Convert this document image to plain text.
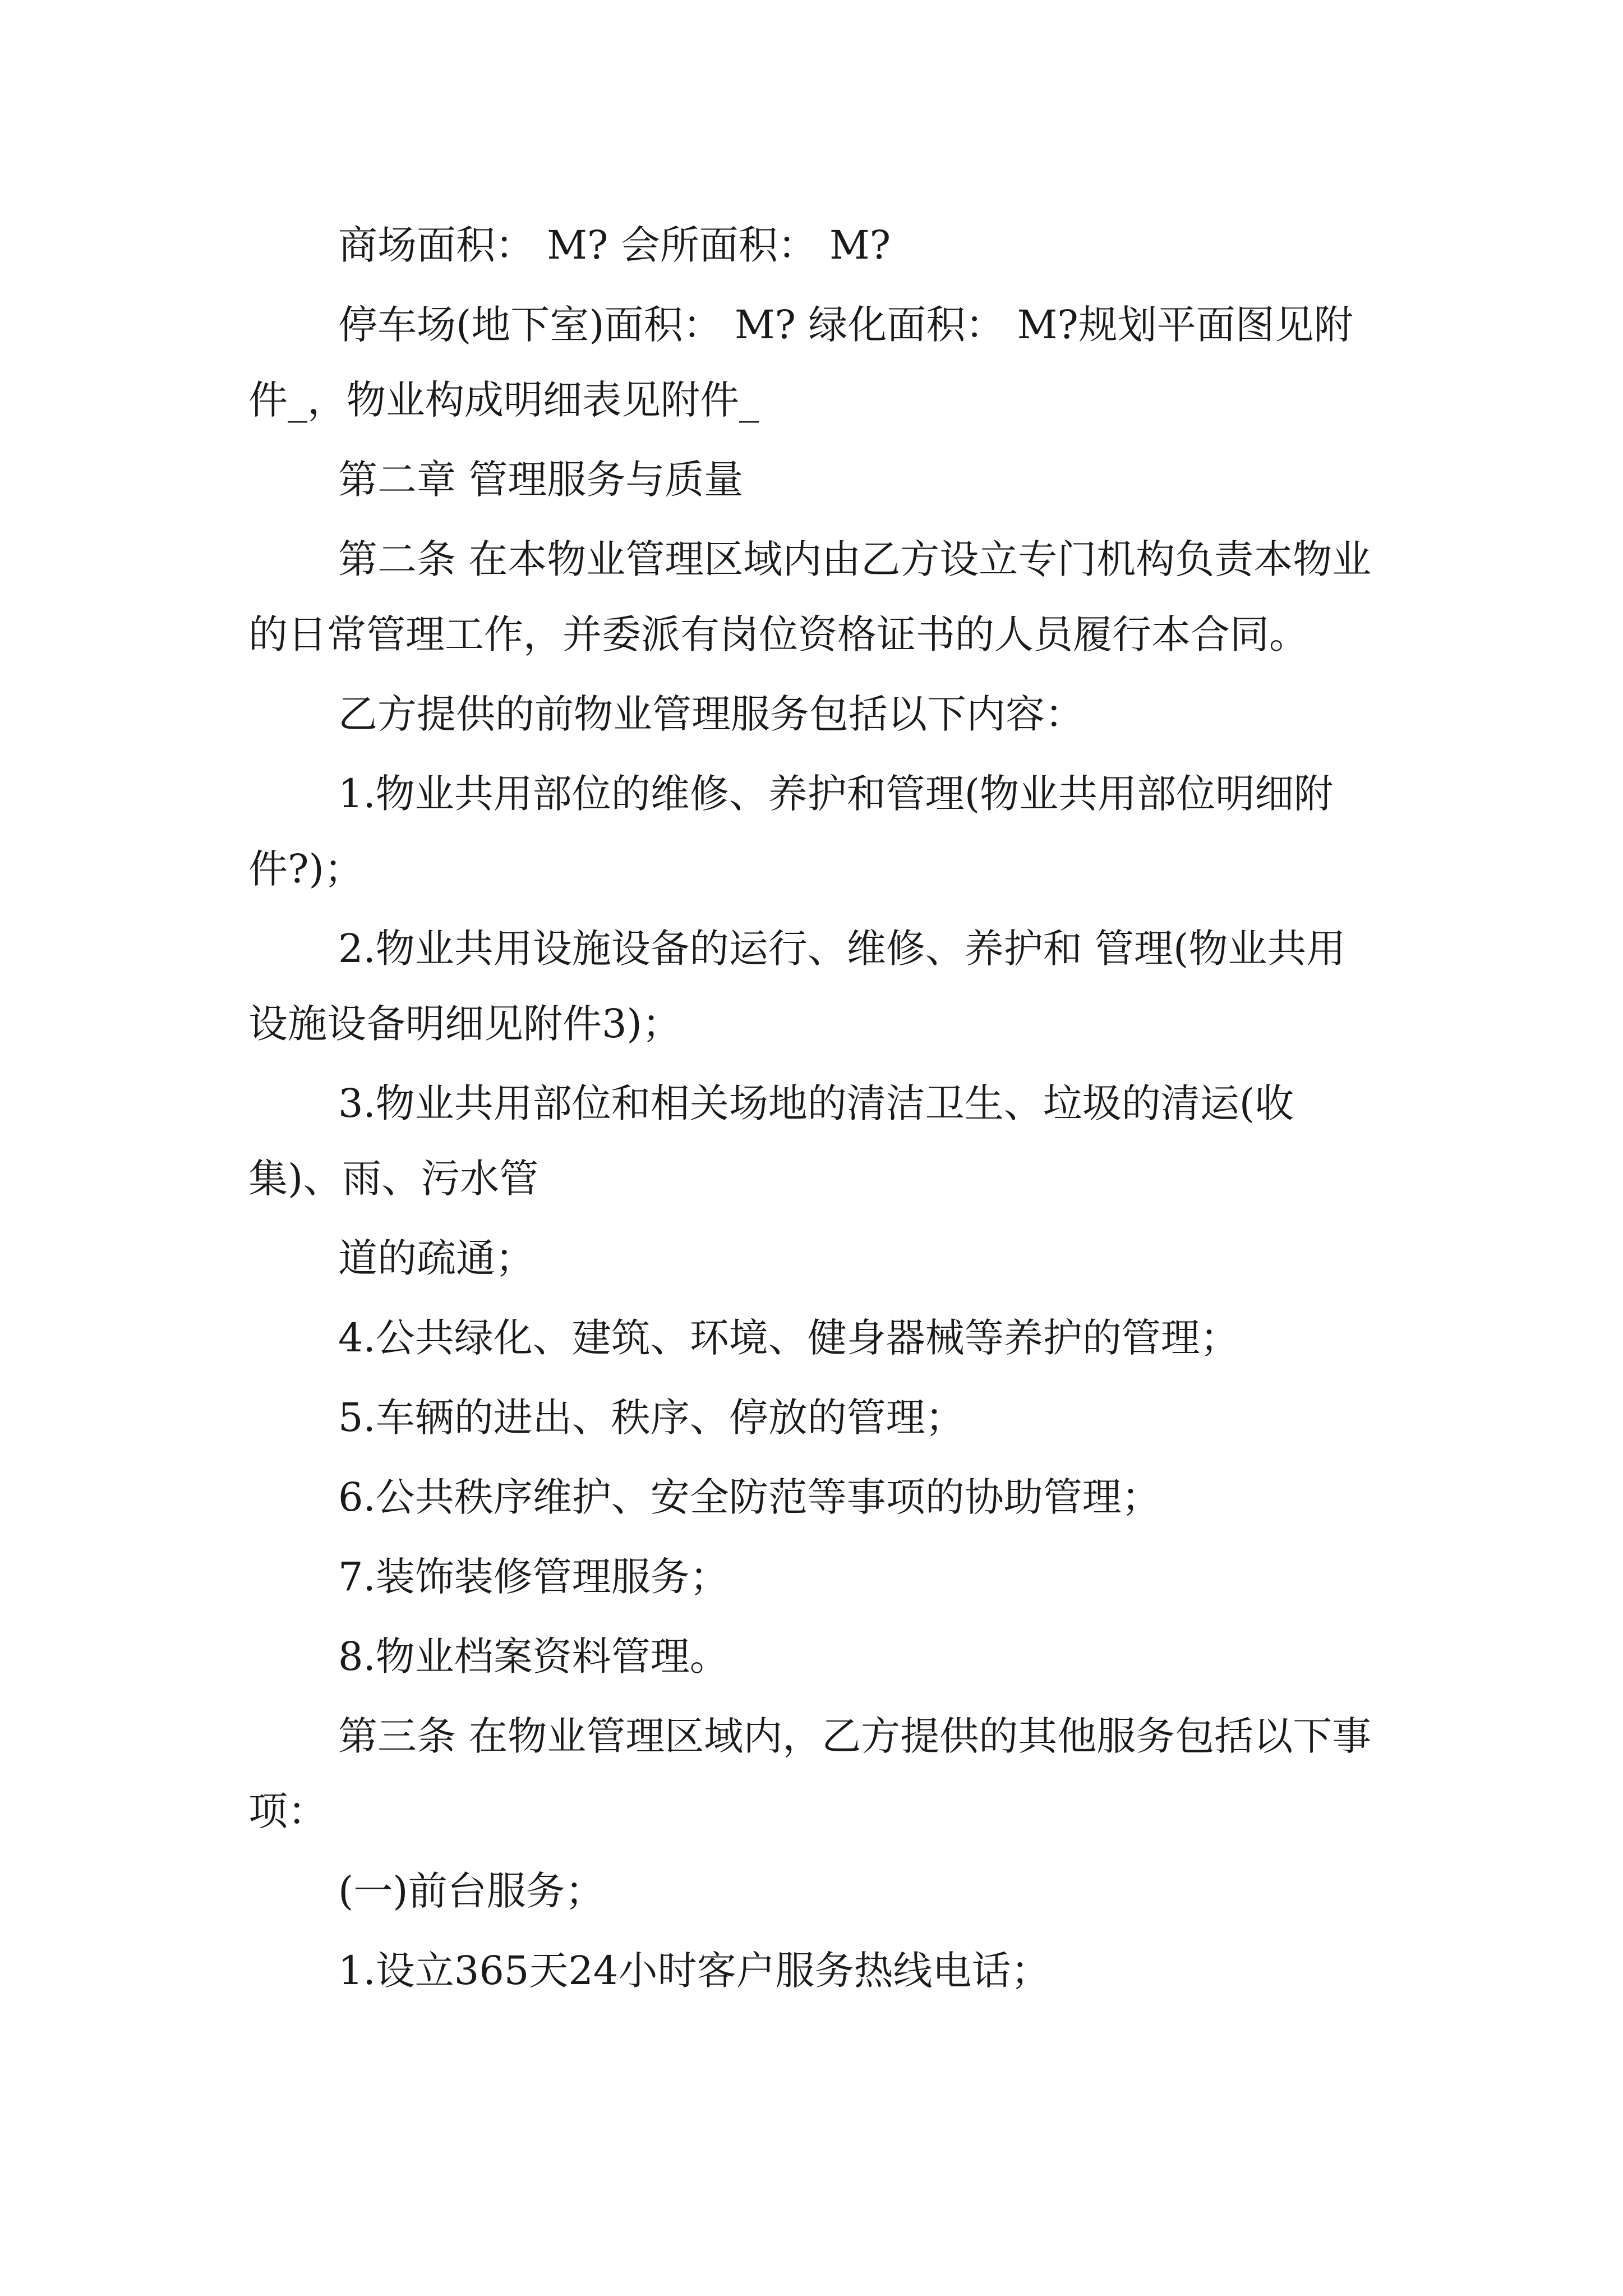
商场面积： M? 会所面积： M?

停车场(地下室)面积： M? 绿化面积： M?规划平面图见附件_，物业构成明细表见附件_

第二章 管理服务与质量

第二条 在本物业管理区域内由乙方设立专门机构负责本物业的日常管理工作，并委派有岗位资格证书的人员履行本合同。

乙方提供的前物业管理服务包括以下内容：

1.物业共用部位的维修、养护和管理(物业共用部位明细附件?)；

2.物业共用设施设备的运行、维修、养护和 管理(物业共用设施设备明细见附件3)；

3.物业共用部位和相关场地的清洁卫生、垃圾的清运(收集)、雨、污水管

道的疏通；

4.公共绿化、建筑、环境、健身器械等养护的管理；

5.车辆的进出、秩序、停放的管理；

6.公共秩序维护、安全防范等事项的协助管理；

7.装饰装修管理服务；

8.物业档案资料管理。

第三条 在物业管理区域内，乙方提供的其他服务包括以下事项：

(一)前台服务；

1.设立365天24小时客户服务热线电话；
